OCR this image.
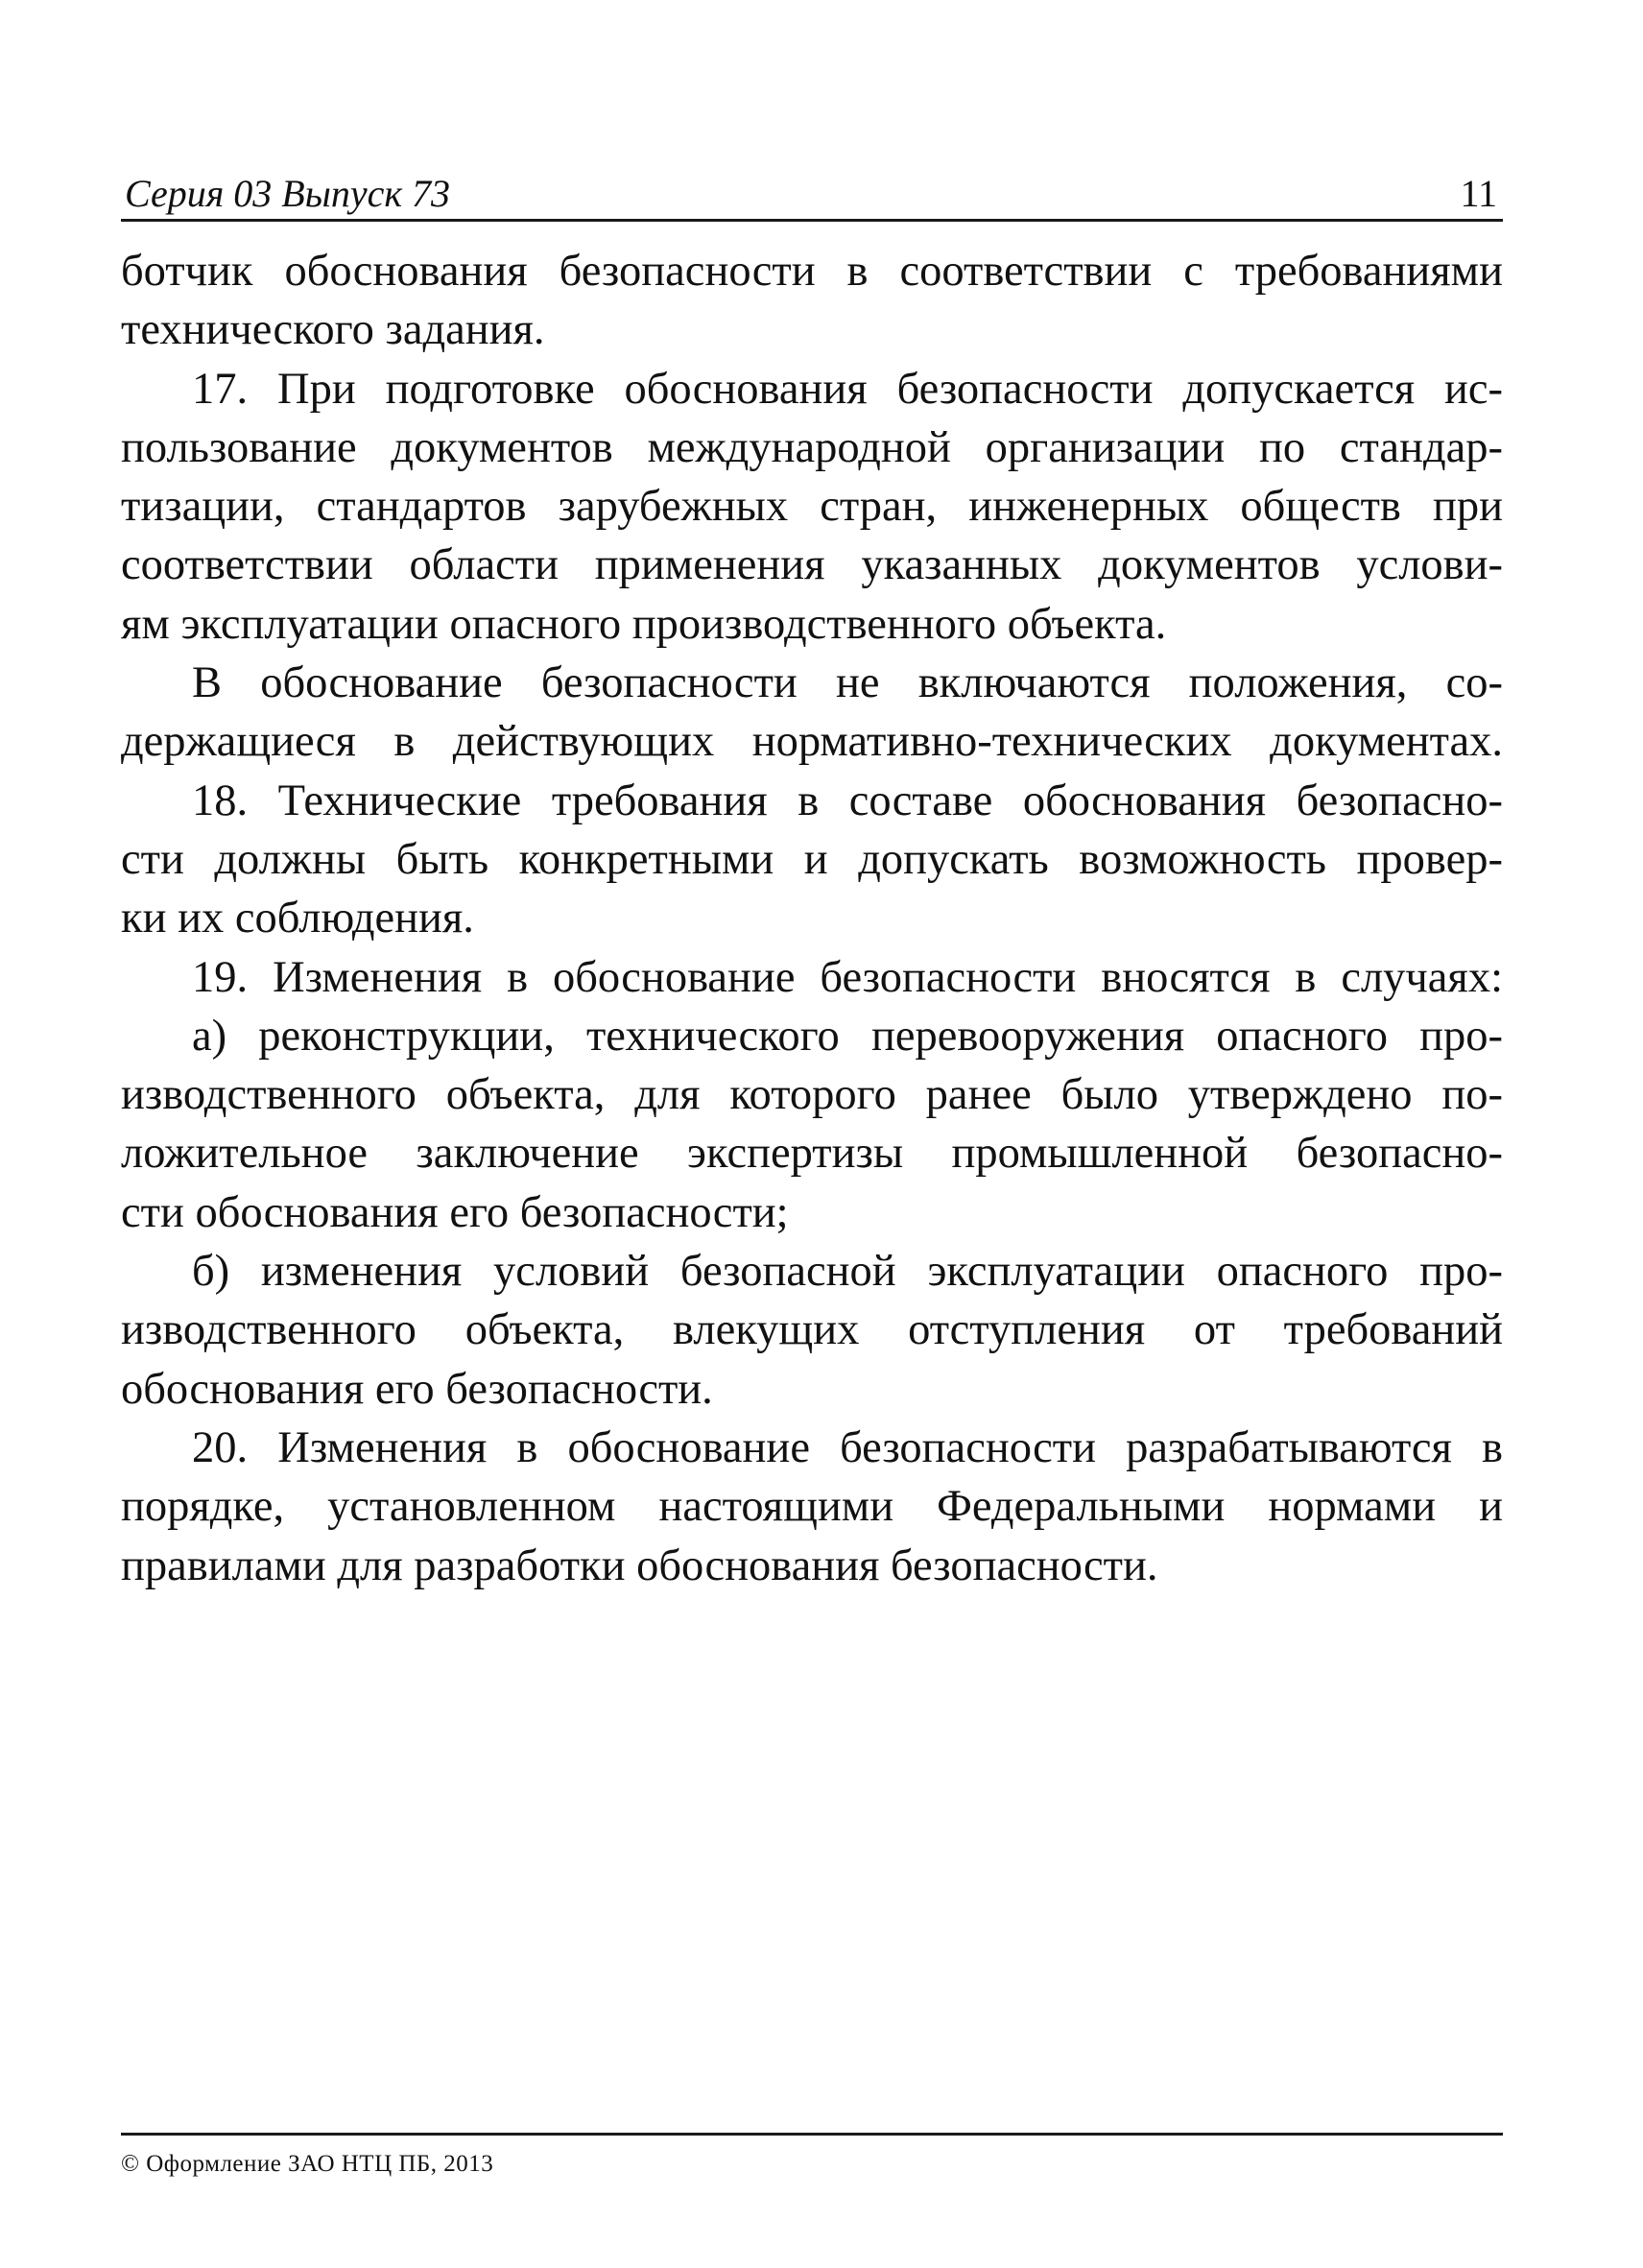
Серия 03 Выпуск 73	11
ботчик обоснования безопасности в соответствии с требованиями
технического задания.
17. При подготовке обоснования безопасности допускается ис-
пользование документов международной организации по стандар-
тизации, стандартов зарубежных стран, инженерных обществ при
соответствии области применения указанных документов услови-
ям эксплуатации опасного производственного объекта.
В обоснование безопасности не включаются положения, со-
держащиеся в действующих нормативно-технических документах.
18. Технические требования в составе обоснования безопасно-
сти должны быть конкретными и допускать возможность провер-
ки их соблюдения.
19. Изменения в обоснование безопасности вносятся в случаях:
а) реконструкции, технического перевооружения опасного про-
изводственного объекта, для которого ранее было утверждено по-
ложительное заключение экспертизы промышленной безопасно-
сти обоснования его безопасности;
б) изменения условий безопасной эксплуатации опасного про-
изводственного объекта, влекущих отступления от требований
обоснования его безопасности.
20. Изменения в обоснование безопасности разрабатываются в
порядке, установленном настоящими Федеральными нормами и
правилами для разработки обоснования безопасности.
© Оформление ЗАО НТЦ ПБ, 2013
